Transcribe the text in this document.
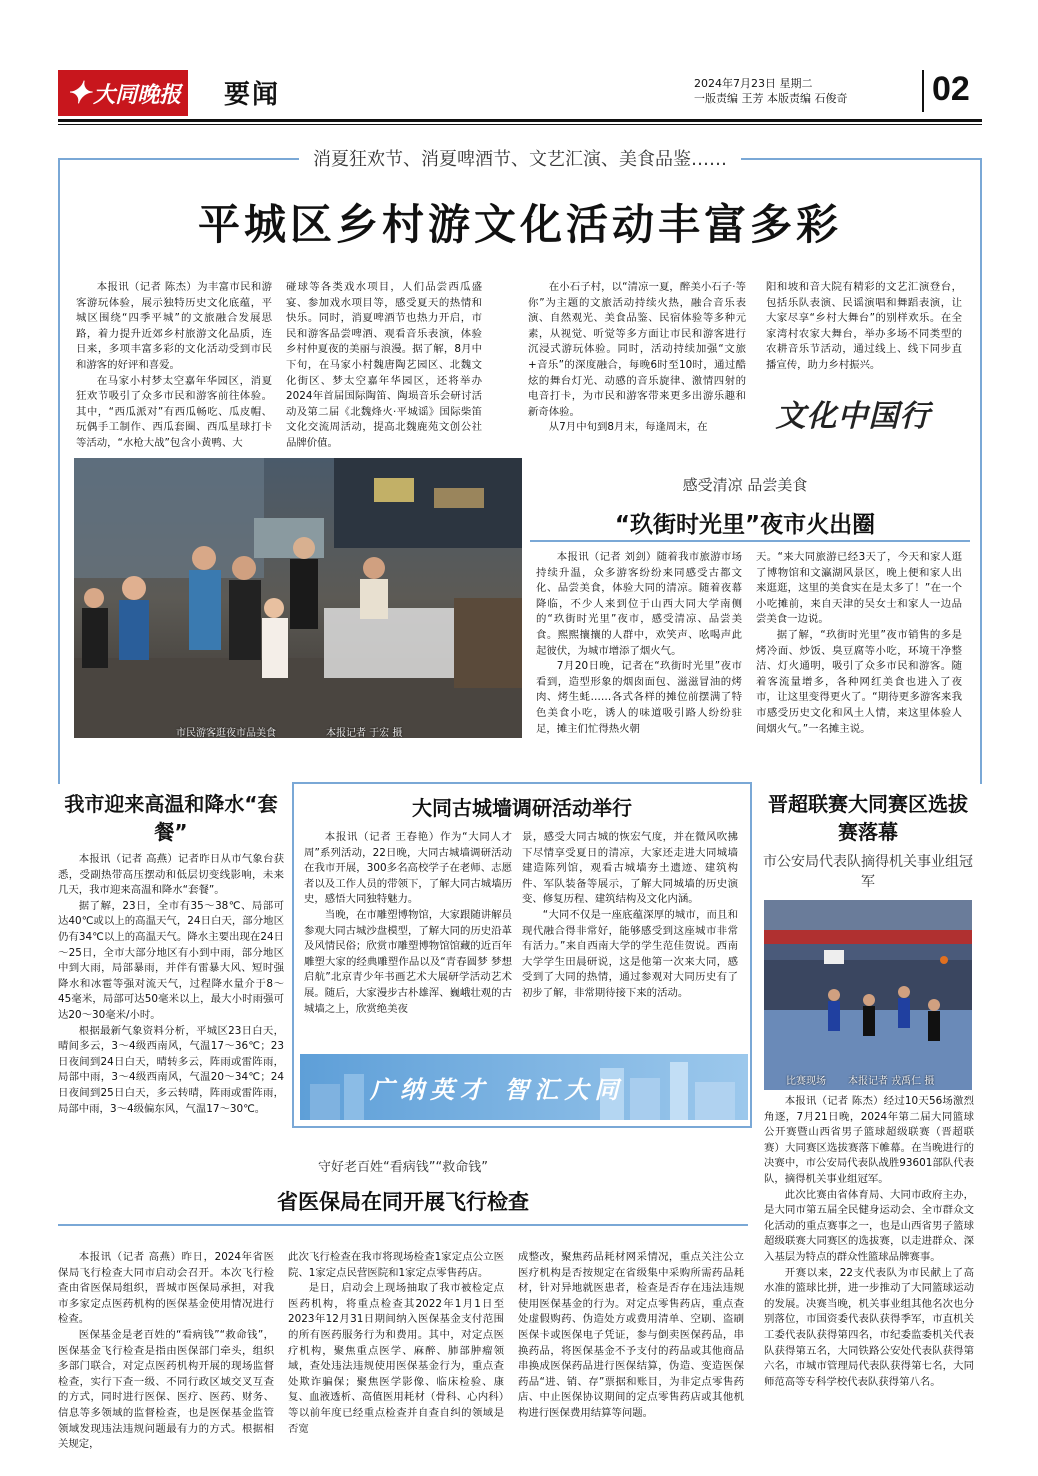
✦ 大同晚报 要闻	2024年7月23日 星期二
一版责编 王芳 本版责编 石俊奇 02
消夏狂欢节、消夏啤酒节、文艺汇演、美食品鉴……
平城区乡村游文化活动丰富多彩

本报讯（记者 陈杰）为丰富市民和游客游玩体验，展示独特历史文化底蕴，平城区围绕“四季平城”的文旅融合发展思路，着力提升近郊乡村旅游文化品质，连日来，多项丰富多彩的文化活动受到市民和游客的好评和喜爱。

在马家小村梦太空嘉年华园区，消夏狂欢节吸引了众多市民和游客前往体验。其中，“西瓜派对”有西瓜畅吃、瓜皮帽、玩偶手工制作、西瓜套圈、西瓜星球打卡等活动，“水枪大战”包含小黄鸭、大

碰球等各类戏水项目，人们品尝西瓜盛宴、参加戏水项目等，感受夏天的热情和快乐。同时，消夏啤酒节也热力开启，市民和游客品尝啤酒、观看音乐表演，体验乡村仲夏夜的美丽与浪漫。据了解，8月中下旬，在马家小村魏唐陶艺园区、北魏文化街区、梦太空嘉年华园区，还将举办2024年首届国际陶笛、陶埙音乐会研讨活动及第二届《北魏烽火·平城谣》国际柴笛文化交流周活动，提高北魏鹿苑文创公社品牌价值。

在小石子村，以“清凉一夏，醉美小石子·等你”为主题的文旅活动持续火热，融合音乐表演、自然观光、美食品鉴、民宿体验等多种元素，从视觉、听觉等多方面让市民和游客进行沉浸式游玩体验。同时，活动持续加强“文旅+音乐”的深度融合，每晚6时至10时，通过酷炫的舞台灯光、动感的音乐旋律、激情四射的电音打卡，为市民和游客带来更多出游乐趣和新奇体验。

从7月中旬到8月末，每逢周末，在

阳和坡和音大院有精彩的文艺汇演登台，包括乐队表演、民谣演唱和舞蹈表演，让大家尽享“乡村大舞台”的别样欢乐。在全家湾村农家大舞台，举办多场不同类型的农耕音乐节活动，通过线上、线下同步直播宣传，助力乡村振兴。

文化中国行
市民游客逛夜市品美食	本报记者 于宏 摄
感受清凉 品尝美食
“玖街时光里”夜市火出圈

本报讯（记者 刘剑）随着我市旅游市场持续升温，众多游客纷纷来同感受古都文化、品尝美食，体验大同的清凉。随着夜幕降临，不少人来到位于山西大同大学南侧的“玖街时光里”夜市，感受清凉、品尝美食。熙熙攘攘的人群中，欢笑声、吆喝声此起彼伏，为城市增添了烟火气。

7月20日晚，记者在“玖街时光里”夜市看到，造型形象的烟囱面包、滋滋冒油的烤肉、烤生蚝……各式各样的摊位前摆满了特色美食小吃，诱人的味道吸引路人纷纷驻足，摊主们忙得热火朝

天。“来大同旅游已经3天了，今天和家人逛了博物馆和文瀛湖风景区，晚上便和家人出来逛逛，这里的美食实在是太多了！”在一个小吃摊前，来自天津的吴女士和家人一边品尝美食一边说。

据了解，“玖街时光里”夜市销售的多是烤冷面、炒饭、臭豆腐等小吃，环境干净整洁、灯火通明，吸引了众多市民和游客。随着客流量增多，各种网红美食也进入了夜市，让这里变得更火了。“期待更多游客来我市感受历史文化和风土人情，来这里体验人间烟火气。”一名摊主说。

我市迎来高温和降水“套餐”

本报讯（记者 高燕）记者昨日从市气象台获悉，受副热带高压摆动和低层切变线影响，未来几天，我市迎来高温和降水“套餐”。

据了解，23日，全市有35～38℃、局部可达40℃或以上的高温天气，24日白天，部分地区仍有34℃以上的高温天气。降水主要出现在24日～25日，全市大部分地区有小到中雨，部分地区中到大雨，局部暴雨，并伴有雷暴大风、短时强降水和冰雹等强对流天气，过程降水量介于8～45毫米，局部可达50毫米以上，最大小时雨强可达20～30毫米/小时。

根据最新气象资料分析，平城区23日白天，晴间多云，3～4级西南风，气温17～36℃；23日夜间到24日白天，晴转多云，阵雨或雷阵雨，局部中雨，3～4级西南风，气温20～34℃；24日夜间到25日白天，多云转晴，阵雨或雷阵雨，局部中雨，3～4级偏东风，气温17～30℃。

大同古城墙调研活动举行

本报讯（记者 王春艳）作为“大同人才周”系列活动，22日晚，大同古城墙调研活动在我市开展，300多名高校学子在老师、志愿者以及工作人员的带领下，了解大同古城墙历史，感悟大同独特魅力。

当晚，在市雕塑博物馆，大家跟随讲解员参观大同古城沙盘模型，了解大同的历史沿革及风情民俗；欣赏市雕塑博物馆馆藏的近百年雕塑大家的经典雕塑作品以及“青春圆梦 梦想启航”北京青少年书画艺术大展研学活动艺术展。随后，大家漫步古朴雄浑、巍峨壮观的古城墙之上，欣赏绝美夜

景，感受大同古城的恢宏气度，并在微风吹拂下尽情享受夏日的清凉，大家还走进大同城墙建造陈列馆，观看古城墙夯土遗迹、建筑构件、军队装备等展示，了解大同城墙的历史演变、修复历程、建筑结构及文化内涵。

“大同不仅是一座底蕴深厚的城市，而且和现代融合得非常好，能够感受到这座城市非常有活力。”来自西南大学的学生范佳贺说。西南大学学生田晨研说，这是他第一次来大同，感受到了大同的热情，通过参观对大同历史有了初步了解，非常期待接下来的活动。

广纳英才 智汇大同
晋超联赛大同赛区选拔赛落幕
市公安局代表队摘得机关事业组冠军
比赛现场 本报记者 戎禹仁 摄

本报讯（记者 陈杰）经过10天56场激烈角逐，7月21日晚，2024年第二届大同篮球公开赛暨山西省男子篮球超级联赛（晋超联赛）大同赛区选拔赛落下帷幕。在当晚进行的决赛中，市公安局代表队战胜93601部队代表队，摘得机关事业组冠军。

此次比赛由省体育局、大同市政府主办，是大同市第五届全民健身运动会、全市群众文化活动的重点赛事之一，也是山西省男子篮球超级联赛大同赛区的选拔赛，以走进群众、深入基层为特点的群众性篮球品牌赛事。

开赛以来，22支代表队为市民献上了高水准的篮球比拼，进一步推动了大同篮球运动的发展。决赛当晚，机关事业组其他名次也分别落位，市国资委代表队获得季军，市直机关工委代表队获得第四名，市纪委监委机关代表队获得第五名，大同铁路公安处代表队获得第六名，市城市管理局代表队获得第七名，大同师范高等专科学校代表队获得第八名。

守好老百姓“看病钱”“救命钱”
省医保局在同开展飞行检查

本报讯（记者 高燕）昨日，2024年省医保局飞行检查大同市启动会召开。本次飞行检查由省医保局组织，晋城市医保局承担，对我市多家定点医药机构的医保基金使用情况进行检查。

医保基金是老百姓的“看病钱”“救命钱”，医保基金飞行检查是指由医保部门牵头，组织多部门联合，对定点医药机构开展的现场监督检查，实行下查一级、不同行政区域交叉互查的方式，同时进行医保、医疗、医药、财务、信息等多领域的监督检查，也是医保基金监管领域发现违法违规问题最有力的方式。根据相关规定，

此次飞行检查在我市将现场检查1家定点公立医院、1家定点民营医院和1家定点零售药店。

是日，启动会上现场抽取了我市被检定点医药机构，将重点检查其2022年1月1日至2023年12月31日期间纳入医保基金支付范围的所有医药服务行为和费用。其中，对定点医疗机构，聚焦重点医学、麻醉、肺部肿瘤领域，查处违法违规使用医保基金行为，重点查处欺诈骗保；聚焦医学影像、临床检验、康复、血液透析、高值医用耗材（骨科、心内科）等以前年度已经重点检查并自查自纠的领域是否宽

成整改，聚焦药品耗材网采情况，重点关注公立医疗机构是否按规定在省级集中采购所需药品耗材，针对异地就医患者，检查是否存在违法违规使用医保基金的行为。对定点零售药店，重点查处虚假购药、伪造处方或费用清单、空刷、盗刷医保卡或医保电子凭证，参与倒卖医保药品，串换药品，将医保基金不予支付的药品或其他商品串换成医保药品进行医保结算，伪造、变造医保药品“进、销、存”票据和账目，为非定点零售药店、中止医保协议期间的定点零售药店或其他机构进行医保费用结算等问题。
